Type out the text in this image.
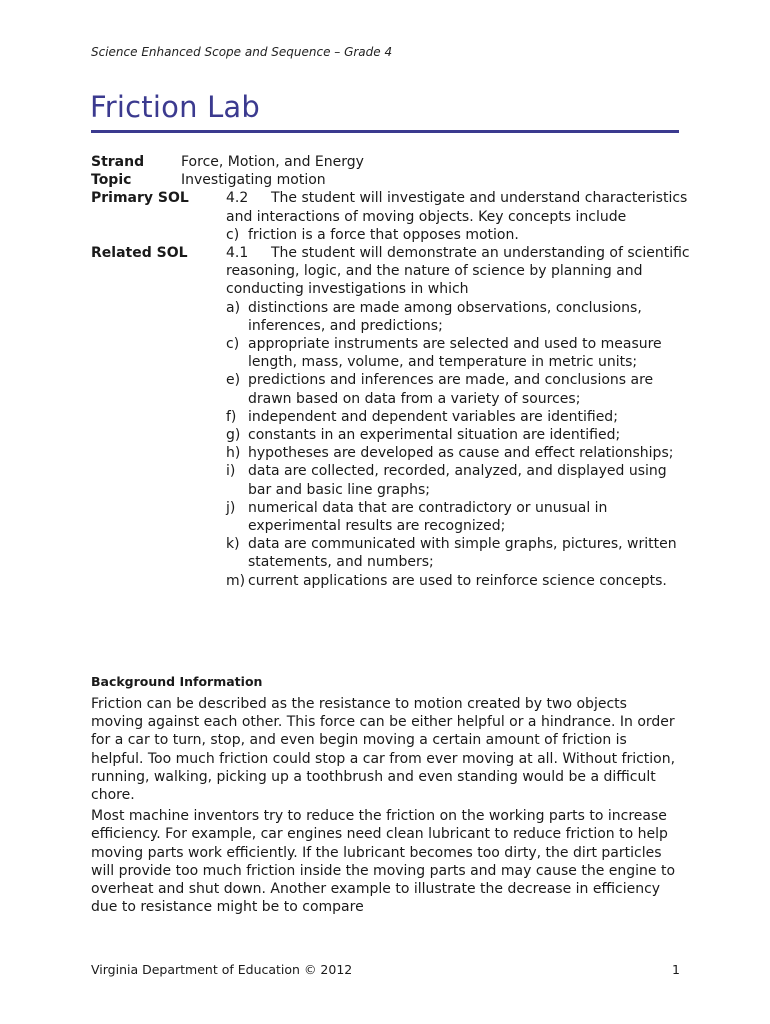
Science Enhanced Scope and Sequence – Grade 4
Friction Lab
Strand	Force, Motion, and Energy
Topic	Investigating motion
Primary SOL	4.2 The student will investigate and understand characteristics and interactions of moving objects. Key concepts include
c) friction is a force that opposes motion.
Related SOL	4.1 The student will demonstrate an understanding of scientific reasoning, logic, and the nature of science by planning and conducting investigations in which
a) distinctions are made among observations, conclusions, inferences, and predictions;
c) appropriate instruments are selected and used to measure length, mass, volume, and temperature in metric units;
e) predictions and inferences are made, and conclusions are drawn based on data from a variety of sources;
f) independent and dependent variables are identified;
g) constants in an experimental situation are identified;
h) hypotheses are developed as cause and effect relationships;
i) data are collected, recorded, analyzed, and displayed using bar and basic line graphs;
j) numerical data that are contradictory or unusual in experimental results are recognized;
k) data are communicated with simple graphs, pictures, written statements, and numbers;
m) current applications are used to reinforce science concepts.
Background Information

Friction can be described as the resistance to motion created by two objects moving against each other. This force can be either helpful or a hindrance. In order for a car to turn, stop, and even begin moving a certain amount of friction is helpful. Too much friction could stop a car from ever moving at all. Without friction, running, walking, picking up a toothbrush and even standing would be a difficult chore.

Most machine inventors try to reduce the friction on the working parts to increase efficiency. For example, car engines need clean lubricant to reduce friction to help moving parts work efficiently. If the lubricant becomes too dirty, the dirt particles will provide too much friction inside the moving parts and may cause the engine to overheat and shut down. Another example to illustrate the decrease in efficiency due to resistance might be to compare

Virginia Department of Education © 2012	1
